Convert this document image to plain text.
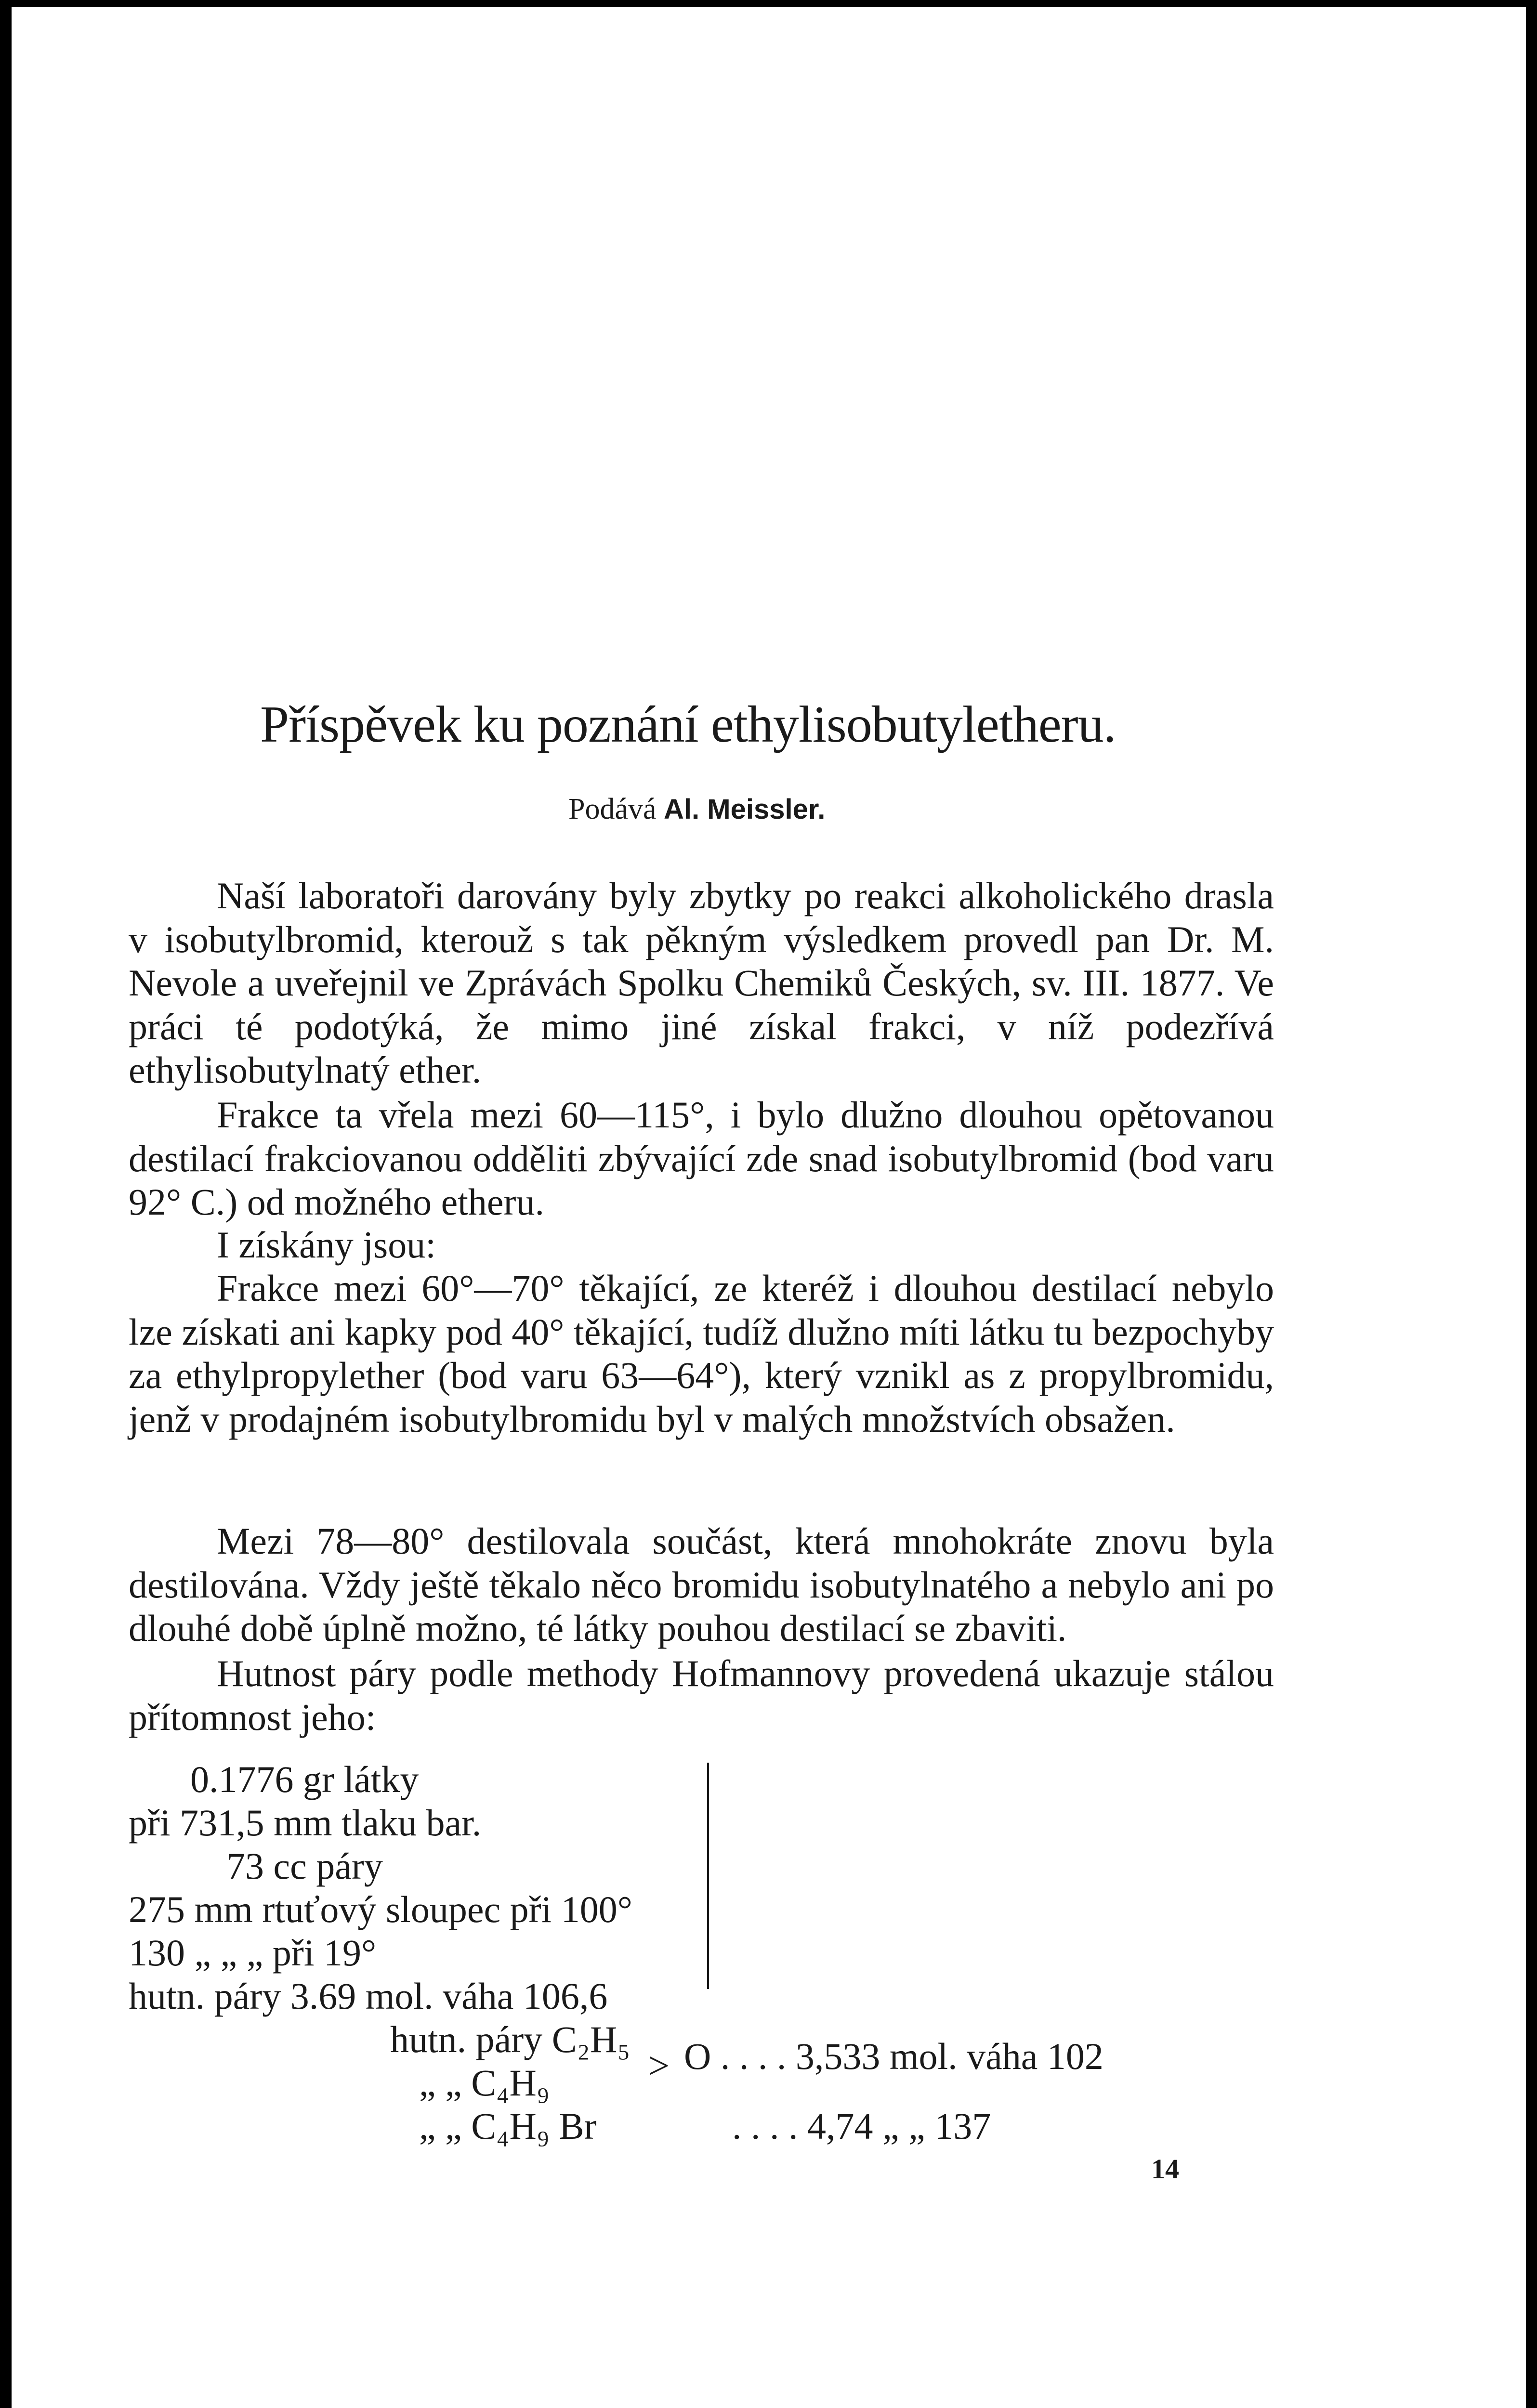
Příspěvek ku poznání ethylisobutyletheru.
Podává Al. Meissler.
Naší laboratoři darovány byly zbytky po reakci alkoholického drasla v isobutylbromid, kterouž s tak pěkným výsledkem provedl pan Dr. M. Nevole a uveřejnil ve Zprávách Spolku Chemiků Českých, sv. III. 1877. Ve práci té podotýká, že mimo jiné získal frakci, v níž podezřívá ethylisobutylnatý ether.
Frakce ta vřela mezi 60—115°, i bylo dlužno dlouhou opětovanou destilací frakciovanou odděliti zbývající zde snad isobutylbromid (bod varu 92° C.) od možného etheru.
I získány jsou:
Frakce mezi 60°—70° těkající, ze kteréž i dlouhou destilací nebylo lze získati ani kapky pod 40° těkající, tudíž dlužno míti látku tu bezpochyby za ethylpropylether (bod varu 63—64°), který vznikl as z propylbromidu, jenž v prodajném isobutylbromidu byl v malých množstvích obsažen.
Mezi 78—80° destilovala součást, která mnohokráte znovu byla destilována. Vždy ještě těkalo něco bromidu isobutylnatého a nebylo ani po dlouhé době úplně možno, té látky pouhou destilací se zbaviti.
Hutnost páry podle methody Hofmannovy provedená ukazuje stálou přítomnost jeho:
0.1776 gr látky
při 731,5 mm tlaku bar.
73 cc páry
275 mm rtuťový sloupec při 100°
130 „ „ „ při 19°
hutn. páry 3.69 mol. váha 106,6
hutn. páry C₂H₅ O . . . . 3,533 mol. váha 102
>
„ „ C₄H₉
„ „ C₄H₉ Br	. . . . 4,74 „ „ 137
14
